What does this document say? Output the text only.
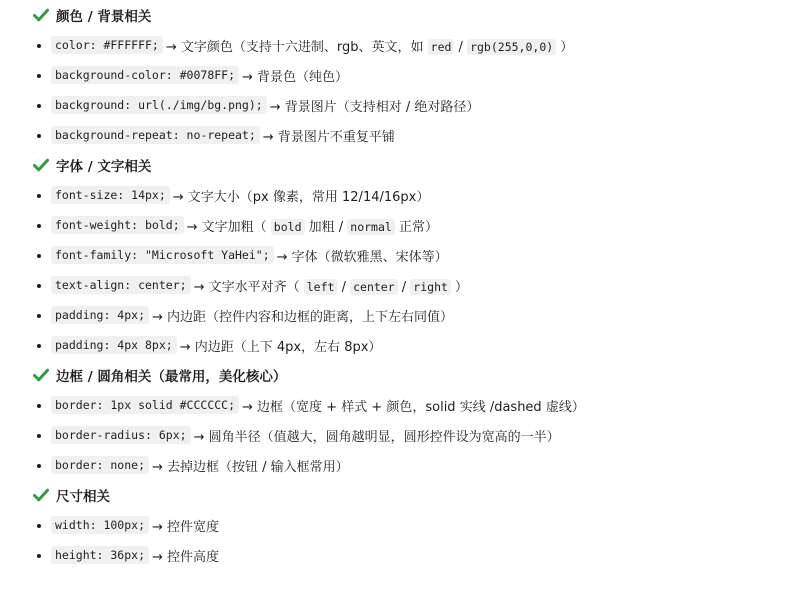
颜色 / 背景相关
color: #FFFFFF; → 文字颜色（支持十六进制、rgb、英文，如 red / rgb(255,0,0) ）
background-color: #0078FF; → 背景色（纯色）
background: url(./img/bg.png); → 背景图片（支持相对 / 绝对路径）
background-repeat: no-repeat; → 背景图片不重复平铺
字体 / 文字相关
font-size: 14px; → 文字大小（px 像素，常用 12/14/16px）
font-weight: bold; → 文字加粗（ bold 加粗 / normal 正常）
font-family: "Microsoft YaHei"; → 字体（微软雅黑、宋体等）
text-align: center; → 文字水平对齐（ left / center / right ）
padding: 4px; → 内边距（控件内容和边框的距离，上下左右同值）
padding: 4px 8px; → 内边距（上下 4px，左右 8px）
边框 / 圆角相关（最常用，美化核心）
border: 1px solid #CCCCCC; → 边框（宽度 + 样式 + 颜色，solid 实线 /dashed 虚线）
border-radius: 6px; → 圆角半径（值越大，圆角越明显，圆形控件设为宽高的一半）
border: none; → 去掉边框（按钮 / 输入框常用）
尺寸相关
width: 100px; → 控件宽度
height: 36px; → 控件高度
